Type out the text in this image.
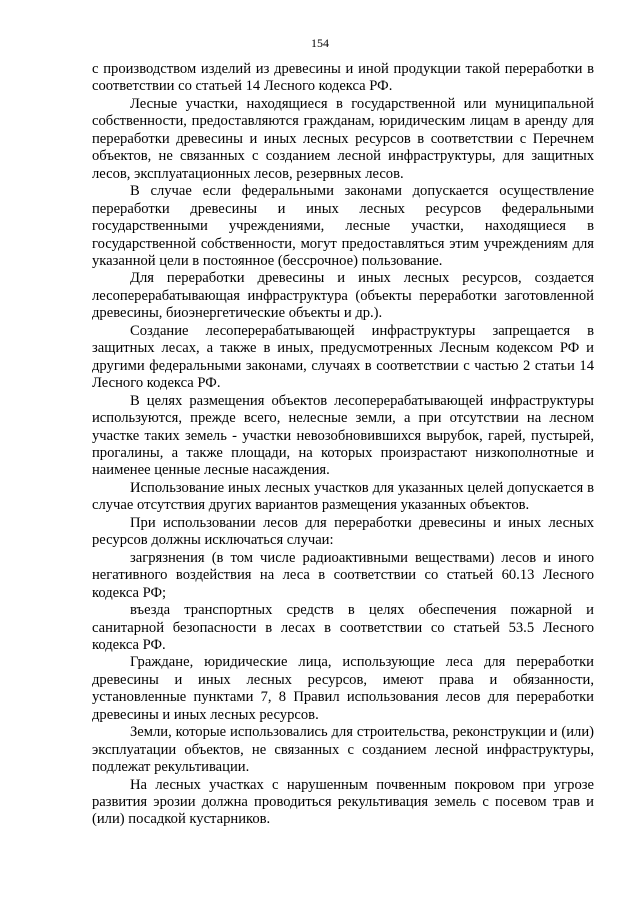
154

с производством изделий из древесины и иной продукции такой переработки в соответствии со статьей 14 Лесного кодекса РФ.

Лесные участки, находящиеся в государственной или муниципальной собственности, предоставляются гражданам, юридическим лицам в аренду для переработки древесины и иных лесных ресурсов в соответствии с Перечнем объектов, не связанных с созданием лесной инфраструктуры, для защитных лесов, эксплуатационных лесов, резервных лесов.

В случае если федеральными законами допускается осуществление переработки древесины и иных лесных ресурсов федеральными государственными учреждениями, лесные участки, находящиеся в государственной собственности, могут предоставляться этим учреждениям для указанной цели в постоянное (бессрочное) пользование.

Для переработки древесины и иных лесных ресурсов, создается лесоперерабатывающая инфраструктура (объекты переработки заготовленной древесины, биоэнергетические объекты и др.).

Создание лесоперерабатывающей инфраструктуры запрещается в защитных лесах, а также в иных, предусмотренных Лесным кодексом РФ и другими федеральными законами, случаях в соответствии с частью 2 статьи 14 Лесного кодекса РФ.

В целях размещения объектов лесоперерабатывающей инфраструктуры используются, прежде всего, нелесные земли, а при отсутствии на лесном участке таких земель - участки невозобновившихся вырубок, гарей, пустырей, прогалины, а также площади, на которых произрастают низкополнотные и наименее ценные лесные насаждения.

Использование иных лесных участков для указанных целей допускается в случае отсутствия других вариантов размещения указанных объектов.

При использовании лесов для переработки древесины и иных лесных ресурсов должны исключаться случаи:

загрязнения (в том числе радиоактивными веществами) лесов и иного негативного воздействия на леса в соответствии со статьей 60.13 Лесного кодекса РФ;

въезда транспортных средств в целях обеспечения пожарной и санитарной безопасности в лесах в соответствии со статьей 53.5 Лесного кодекса РФ.

Граждане, юридические лица, использующие леса для переработки древесины и иных лесных ресурсов, имеют права и обязанности, установленные пунктами 7, 8 Правил использования лесов для переработки древесины и иных лесных ресурсов.

Земли, которые использовались для строительства, реконструкции и (или) эксплуатации объектов, не связанных с созданием лесной инфраструктуры, подлежат рекультивации.

На лесных участках с нарушенным почвенным покровом при угрозе развития эрозии должна проводиться рекультивация земель с посевом трав и (или) посадкой кустарников.
